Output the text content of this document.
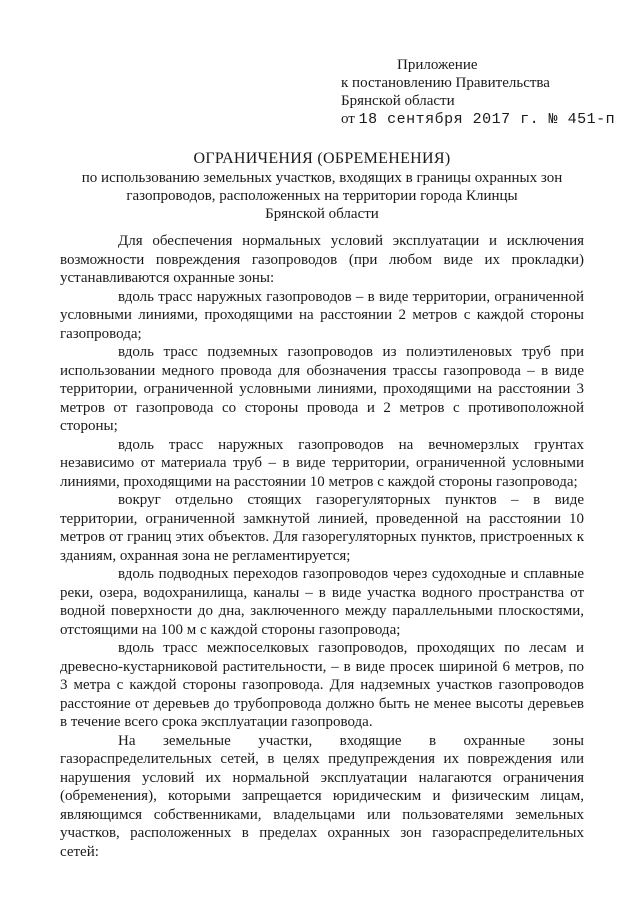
Приложение
к постановлению Правительства
Брянской области
от 18 сентября 2017 г. № 451-п
ОГРАНИЧЕНИЯ (ОБРЕМЕНЕНИЯ)
по использованию земельных участков, входящих в границы охранных зон
газопроводов, расположенных на территории города Клинцы
Брянской области

Для обеспечения нормальных условий эксплуатации и исключения возможности повреждения газопроводов (при любом виде их прокладки) устанавливаются охранные зоны:

вдоль трасс наружных газопроводов – в виде территории, ограниченной условными линиями, проходящими на расстоянии 2 метров с каждой стороны газопровода;

вдоль трасс подземных газопроводов из полиэтиленовых труб при использовании медного провода для обозначения трассы газопровода – в виде территории, ограниченной условными линиями, проходящими на расстоянии 3 метров от газопровода со стороны провода и 2 метров с противоположной стороны;

вдоль трасс наружных газопроводов на вечномерзлых грунтах независимо от материала труб – в виде территории, ограниченной условными линиями, проходящими на расстоянии 10 метров с каждой стороны газопровода;

вокруг отдельно стоящих газорегуляторных пунктов – в виде территории, ограниченной замкнутой линией, проведенной на расстоянии 10 метров от границ этих объектов. Для газорегуляторных пунктов, пристроенных к зданиям, охранная зона не регламентируется;

вдоль подводных переходов газопроводов через судоходные и сплавные реки, озера, водохранилища, каналы – в виде участка водного пространства от водной поверхности до дна, заключенного между параллельными плоскостями, отстоящими на 100 м с каждой стороны газопровода;

вдоль трасс межпоселковых газопроводов, проходящих по лесам и древесно-кустарниковой растительности, – в виде просек шириной 6 метров, по 3 метра с каждой стороны газопровода. Для надземных участков газопроводов расстояние от деревьев до трубопровода должно быть не менее высоты деревьев в течение всего срока эксплуатации газопровода.

На земельные участки, входящие в охранные зоны газораспределительных сетей, в целях предупреждения их повреждения или нарушения условий их нормальной эксплуатации налагаются ограничения (обременения), которыми запрещается юридическим и физическим лицам, являющимся собственниками, владельцами или пользователями земельных участков, расположенных в пределах охранных зон газораспределительных сетей:
